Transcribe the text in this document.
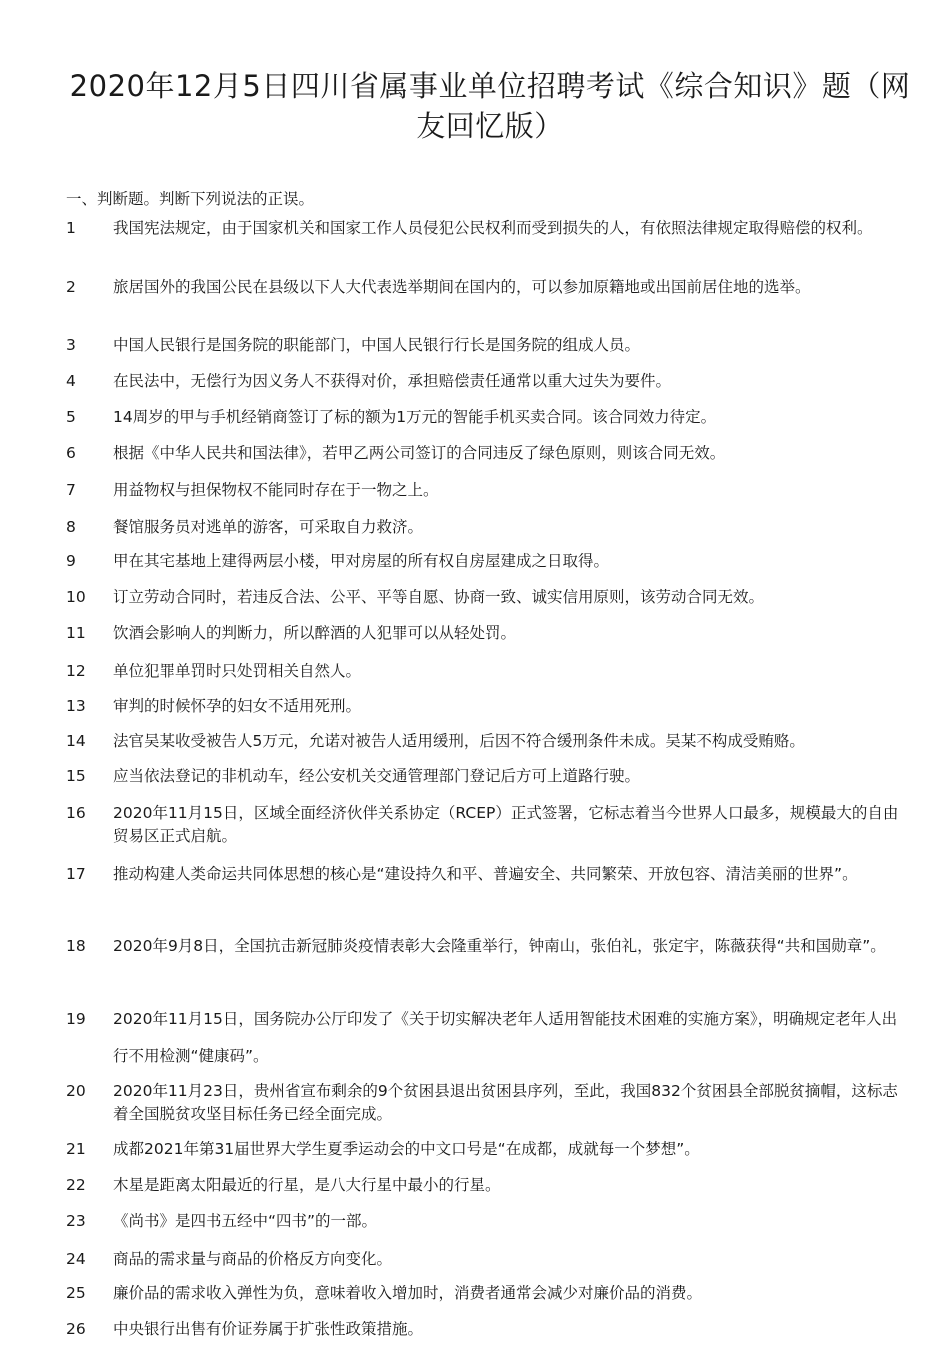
2020年12月5日四川省属事业单位招聘考试《综合知识》题（网友回忆版）
一、判断题。判断下列说法的正误。
1	我国宪法规定，由于国家机关和国家工作人员侵犯公民权利而受到损失的人，有依照法律规定取得赔偿的权利。
2	旅居国外的我国公民在县级以下人大代表选举期间在国内的，可以参加原籍地或出国前居住地的选举。
3	中国人民银行是国务院的职能部门，中国人民银行行长是国务院的组成人员。
4	在民法中，无偿行为因义务人不获得对价，承担赔偿责任通常以重大过失为要件。
5	14周岁的甲与手机经销商签订了标的额为1万元的智能手机买卖合同。该合同效力待定。
6	根据《中华人民共和国法律》，若甲乙两公司签订的合同违反了绿色原则，则该合同无效。
7	用益物权与担保物权不能同时存在于一物之上。
8	餐馆服务员对逃单的游客，可采取自力救济。
9	甲在其宅基地上建得两层小楼，甲对房屋的所有权自房屋建成之日取得。
10	订立劳动合同时，若违反合法、公平、平等自愿、协商一致、诚实信用原则，该劳动合同无效。
11	饮酒会影响人的判断力，所以醉酒的人犯罪可以从轻处罚。
12	单位犯罪单罚时只处罚相关自然人。
13	审判的时候怀孕的妇女不适用死刑。
14	法官吴某收受被告人5万元，允诺对被告人适用缓刑，后因不符合缓刑条件未成。吴某不构成受贿赂。
15	应当依法登记的非机动车，经公安机关交通管理部门登记后方可上道路行驶。
16	2020年11月15日，区域全面经济伙伴关系协定（RCEP）正式签署，它标志着当今世界人口最多，规模最大的自由贸易区正式启航。
17	推动构建人类命运共同体思想的核心是“建设持久和平、普遍安全、共同繁荣、开放包容、清洁美丽的世界”。
18	2020年9月8日，全国抗击新冠肺炎疫情表彰大会隆重举行，钟南山，张伯礼，张定宇，陈薇获得“共和国勋章”。
19	2020年11月15日，国务院办公厅印发了《关于切实解决老年人适用智能技术困难的实施方案》，明确规定老年人出行不用检测“健康码”。
20	2020年11月23日，贵州省宣布剩余的9个贫困县退出贫困县序列，至此，我国832个贫困县全部脱贫摘帽，这标志着全国脱贫攻坚目标任务已经全面完成。
21	成都2021年第31届世界大学生夏季运动会的中文口号是“在成都，成就每一个梦想”。
22	木星是距离太阳最近的行星，是八大行星中最小的行星。
23	《尚书》是四书五经中“四书”的一部。
24	商品的需求量与商品的价格反方向变化。
25	廉价品的需求收入弹性为负，意味着收入增加时，消费者通常会减少对廉价品的消费。
26	中央银行出售有价证券属于扩张性政策措施。
